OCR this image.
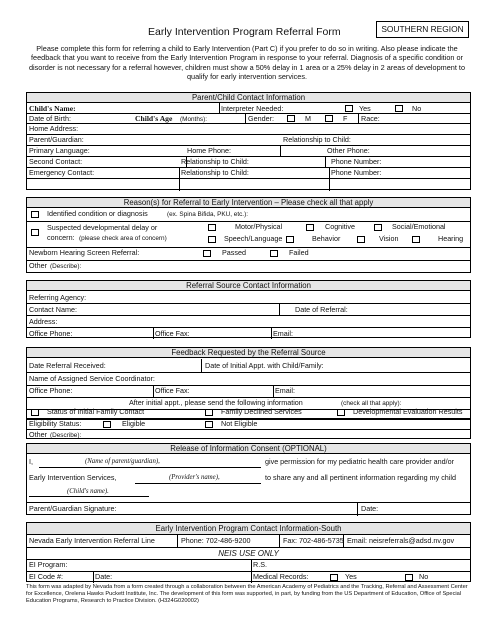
Early Intervention Program Referral Form	SOUTHERN REGION
Please complete this form for referring a child to Early Intervention (Part C) if you prefer to do so in writing. Also please indicate the feedback that you want to receive from the Early Intervention Program in response to your referral. Diagnosis of a specific condition or disorder is not necessary for a referral however, children must show a 50% delay in 1 area or a 25% delay in 2 areas of development to qualify for early intervention services.
Parent/Child Contact Information
Child's Name:	Interpreter Needed:	Yes	No
Date of Birth:	Child's Age (Months):	Gender:	M	F Race:
Home Address:
Parent/Guardian:	Relationship to Child:
Primary Language:	Home Phone:	Other Phone:
Second Contact:	Relationship to Child:	Phone Number:
Emergency Contact:	Relationship to Child:	Phone Number:
Reason(s) for Referral to Early Intervention – Please check all that apply
Identified condition or diagnosis	(ex. Spina Bifida, PKU, etc.):
Suspected developmental delay or
concern: (please check area of concern)
Motor/Physical	Cognitive	Social/Emotional
Speech/Language	Behavior	Vision	Hearing
Newborn Hearing Screen Referral:	Passed	Failed
Other (Describe):
Referral Source Contact Information
Referring Agency:
Contact Name:	Date of Referral:
Address:
Office Phone:	Office Fax:	Email:
Feedback Requested by the Referral Source
Date Referral Received:	Date of Initial Appt. with Child/Family:
Name of Assigned Service Coordinator:
Office Phone:	Office Fax:	Email:
After initial appt., please send the following information	(check all that apply):
Status of Initial Family Contact	Family Declined Services	Developmental Evaluation Results
Eligibility Status:	Eligible	Not Eligible
Other (Describe):
Release of Information Consent (OPTIONAL)
I,	(Name of parent/guardian),	give permission for my pediatric health care provider and/or
Early Intervention Services,	(Provider's name),	to share any and all pertinent information regarding my child
(Child's name).
Parent/Guardian Signature:	Date:
Early Intervention Program Contact Information-South
Nevada Early Intervention Referral Line	Phone: 702-486-9200	Fax: 702-486-5735 Email: neisreferrals@adsd.nv.gov
NEIS USE ONLY
EI Program:	R.S.
EI Code #:	Date:	Medical Records:	Yes	No
This form was adapted by Nevada from a form created through a collaboration between the American Academy of Pediatrics and the Tracking, Referral and Assessment Center for Excellence, Orelena Hawks Puckett Institute, Inc. The development of this form was supported, in part, by funding from the US Department of Education, Office of Special Education Programs, Research to Practice Division. (H324G020002)
